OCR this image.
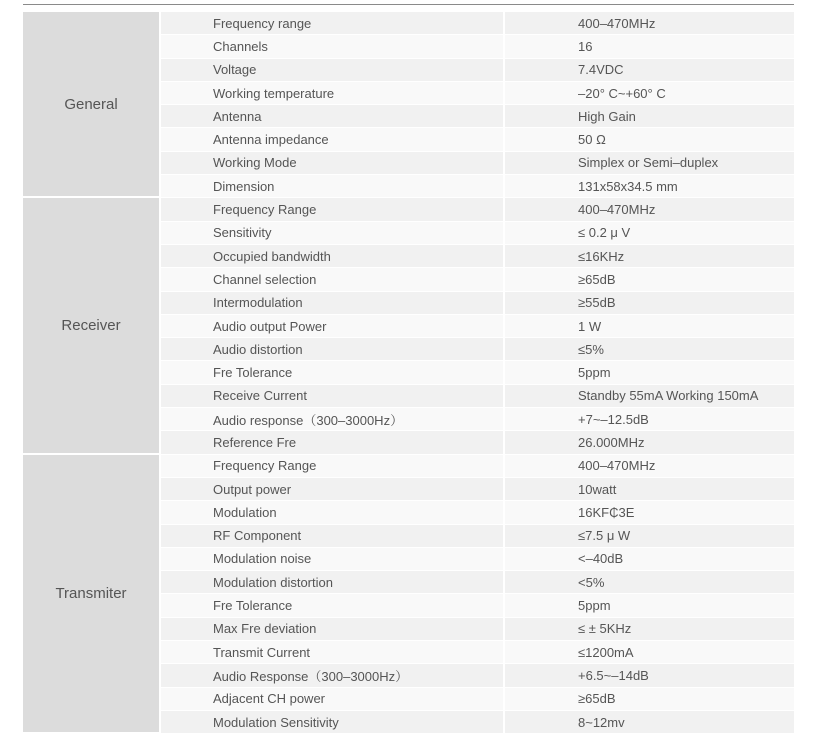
General	Frequency range	400–470MHz
	Channels	16
	Voltage	7.4VDC
	Working temperature	–20° C~+60° C
	Antenna	High Gain
	Antenna impedance	50 Ω
	Working Mode	Simplex or Semi–duplex
	Dimension	131x58x34.5 mm
Receiver	Frequency Range	400–470MHz
	Sensitivity	≤ 0.2 μ V
	Occupied bandwidth	≤16KHz
	Channel selection	≥65dB
	Intermodulation	≥55dB
	Audio output Power	1 W
	Audio distortion	≤5%
	Fre Tolerance	5ppm
	Receive Current	Standby 55mA Working 150mA
	Audio response（300–3000Hz）	+7~–12.5dB
	Reference Fre	26.000MHz
Transmiter	Frequency Range	400–470MHz
	Output power	10watt
	Modulation	16KF₵3E
	RF Component	≤7.5 μ W
	Modulation noise	<–40dB
	Modulation distortion	<5%
	Fre Tolerance	5ppm
	Max Fre deviation	≤ ± 5KHz
	Transmit Current	≤1200mA
	Audio Response（300–3000Hz）	+6.5~–14dB
	Adjacent CH power	≥65dB
	Modulation Sensitivity	8~12mv
